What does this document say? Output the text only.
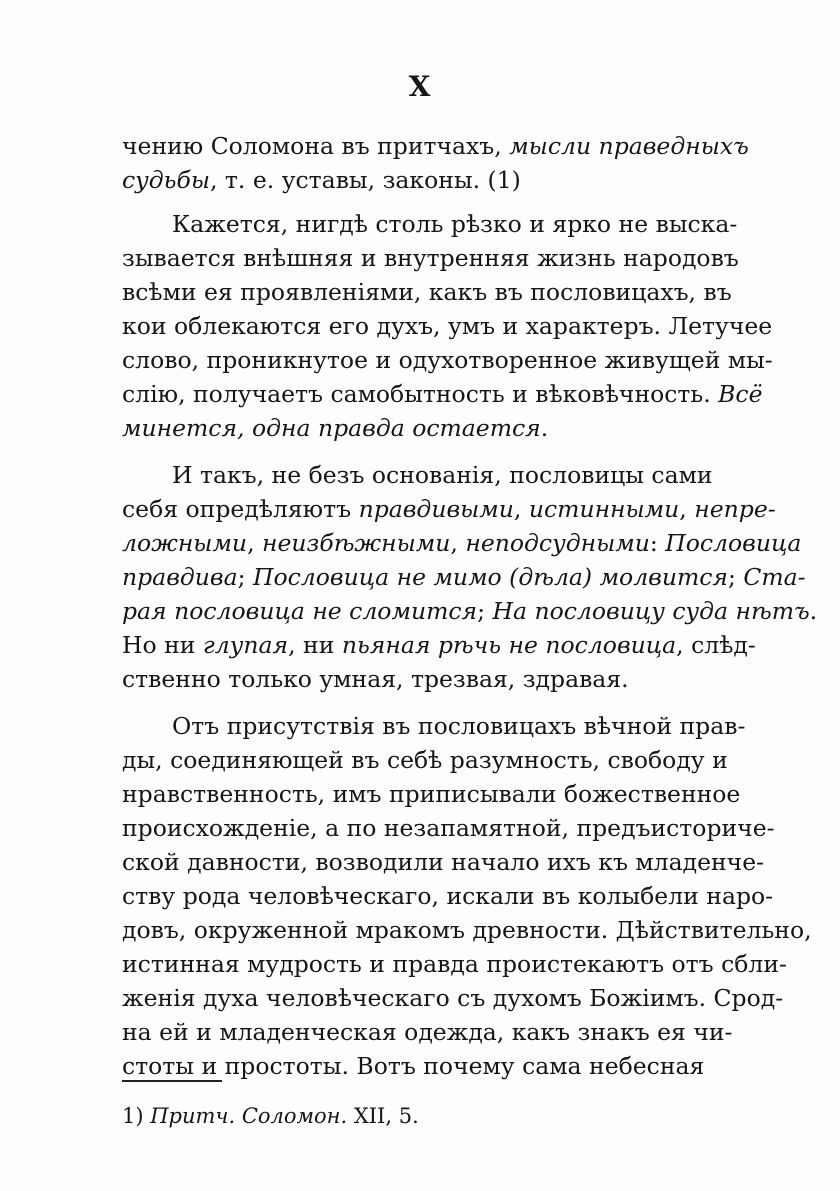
X
чению Соломона въ притчахъ, мысли праведныхъ
судьбы, т. е. уставы, законы. (1)
Кажется, нигдѣ столь рѣзко и ярко не выска-
зывается внѣшняя и внутренняя жизнь народовъ
всѣми ея проявленіями, какъ въ пословицахъ, въ
кои облекаются его духъ, умъ и характеръ. Летучее
слово, проникнутое и одухотворенное живущей мы-
слію, получаетъ самобытность и вѣковѣчность. Всё
минется, одна правда остается.
И такъ, не безъ основанія, пословицы сами
себя опредѣляютъ правдивыми, истинными, непре-
ложными, неизбѣжными, неподсудными: Пословица
правдива; Пословица не мимо (дѣла) молвится; Ста-
рая пословица не сломится; На пословицу суда нѣтъ.
Но ни глупая, ни пьяная рѣчь не пословица, слѣд-
ственно только умная, трезвая, здравая.
Отъ присутствія въ пословицахъ вѣчной прав-
ды, соединяющей въ себѣ разумность, свободу и
нравственность, имъ приписывали божественное
происхожденіе, а по незапамятной, предъисториче-
ской давности, возводили начало ихъ къ младенче-
ству рода человѣческаго, искали въ колыбели наро-
довъ, окруженной мракомъ древности. Дѣйствительно,
истинная мудрость и правда проистекаютъ отъ сбли-
женія духа человѣческаго съ духомъ Божіимъ. Срод-
на ей и младенческая одежда, какъ знакъ ея чи-
стоты и простоты. Вотъ почему сама небесная
1) Притч. Соломон. XII, 5.
